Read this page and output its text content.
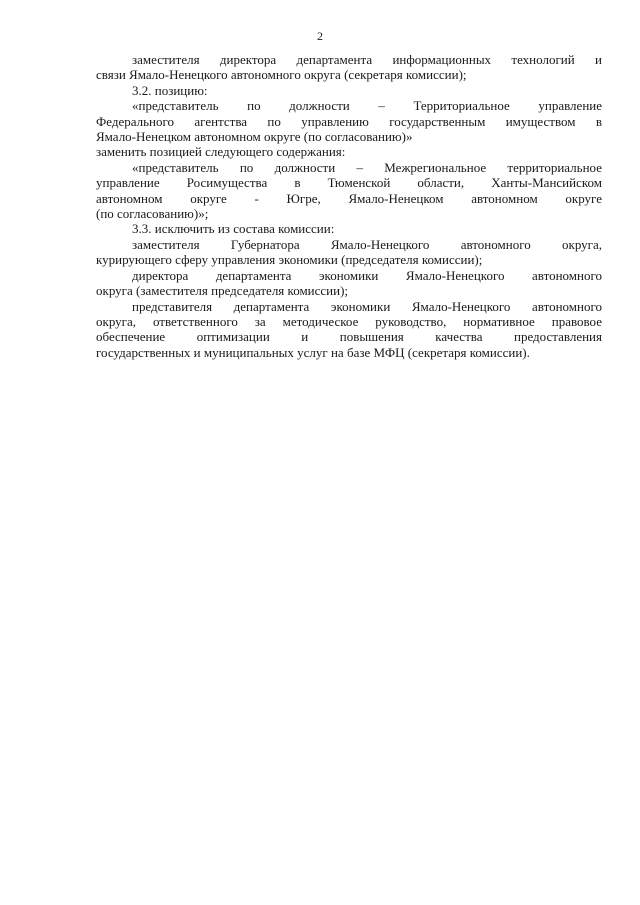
2

заместителя директора департамента информационных технологий и
связи Ямало-Ненецкого автономного округа (секретаря комиссии);

3.2. позицию:

«представитель по должности – Территориальное управление
Федерального агентства по управлению государственным имуществом в
Ямало-Ненецком автономном округе (по согласованию)»

заменить позицией следующего содержания:

«представитель по должности – Межрегиональное территориальное
управление Росимущества в Тюменской области, Ханты-Мансийском
автономном округе - Югре, Ямало-Ненецком автономном округе
(по согласованию)»;

3.3. исключить из состава комиссии:

заместителя Губернатора Ямало-Ненецкого автономного округа,
курирующего сферу управления экономики (председателя комиссии);

директора департамента экономики Ямало-Ненецкого автономного
округа (заместителя председателя комиссии);

представителя департамента экономики Ямало-Ненецкого автономного
округа, ответственного за методическое руководство, нормативное правовое
обеспечение оптимизации и повышения качества предоставления
государственных и муниципальных услуг на базе МФЦ (секретаря комиссии).
